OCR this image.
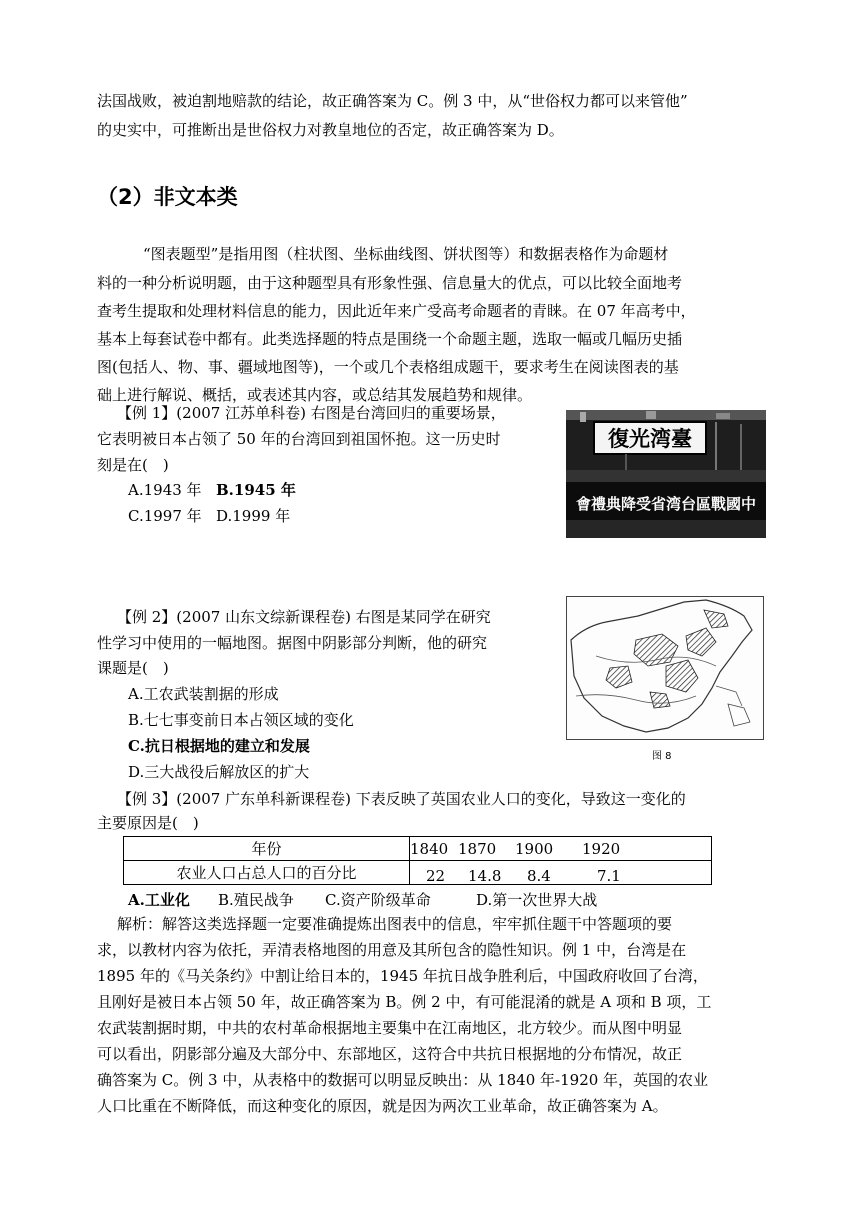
法国战败，被迫割地赔款的结论，故正确答案为 C。例 3 中，从“世俗权力都可以来管他”
的史实中，可推断出是世俗权力对教皇地位的否定，故正确答案为 D。
（2）非文本类
“图表题型”是指用图（柱状图、坐标曲线图、饼状图等）和数据表格作为命题材
料的一种分析说明题，由于这种题型具有形象性强、信息量大的优点，可以比较全面地考
查考生提取和处理材料信息的能力，因此近年来广受高考命题者的青睐。在 07 年高考中，
基本上每套试卷中都有。此类选择题的特点是围绕一个命题主题，选取一幅或几幅历史插
图(包括人、物、事、疆域地图等)，一个或几个表格组成题干，要求考生在阅读图表的基
础上进行解说、概括，或表述其内容，或总结其发展趋势和规律。
【例 1】(2007 江苏单科卷) 右图是台湾回归的重要场景，
它表明被日本占领了 50 年的台湾回到祖国怀抱。这一历史时
刻是在(　)
A.1943 年 B.1945 年
C.1997 年 D.1999 年
復光湾臺
會禮典降受省湾台區戰國中
【例 2】(2007 山东文综新课程卷) 右图是某同学在研究
性学习中使用的一幅地图。据图中阴影部分判断，他的研究
课题是(　)
A.工农武装割据的形成
B.七七事变前日本占领区域的变化
C.抗日根据地的建立和发展
D.三大战役后解放区的扩大
图 8
【例 3】(2007 广东单科新课程卷) 下表反映了英国农业人口的变化，导致这一变化的
主要原因是(　)
年份	1840 1870 1900 1920

农业人口占总人口的百分比	22 14.8 8.4 7.1
A.工业化 B.殖民战争 C.资产阶级革命	D.第一次世界大战
解析：解答这类选择题一定要准确提炼出图表中的信息，牢牢抓住题干中答题项的要
求，以教材内容为依托，弄清表格地图的用意及其所包含的隐性知识。例 1 中，台湾是在
1895 年的《马关条约》中割让给日本的，1945 年抗日战争胜利后，中国政府收回了台湾，
且刚好是被日本占领 50 年，故正确答案为 B。例 2 中，有可能混淆的就是 A 项和 B 项，工
农武装割据时期，中共的农村革命根据地主要集中在江南地区，北方较少。而从图中明显
可以看出，阴影部分遍及大部分中、东部地区，这符合中共抗日根据地的分布情况，故正
确答案为 C。例 3 中，从表格中的数据可以明显反映出：从 1840 年-1920 年，英国的农业
人口比重在不断降低，而这种变化的原因，就是因为两次工业革命，故正确答案为 A。
